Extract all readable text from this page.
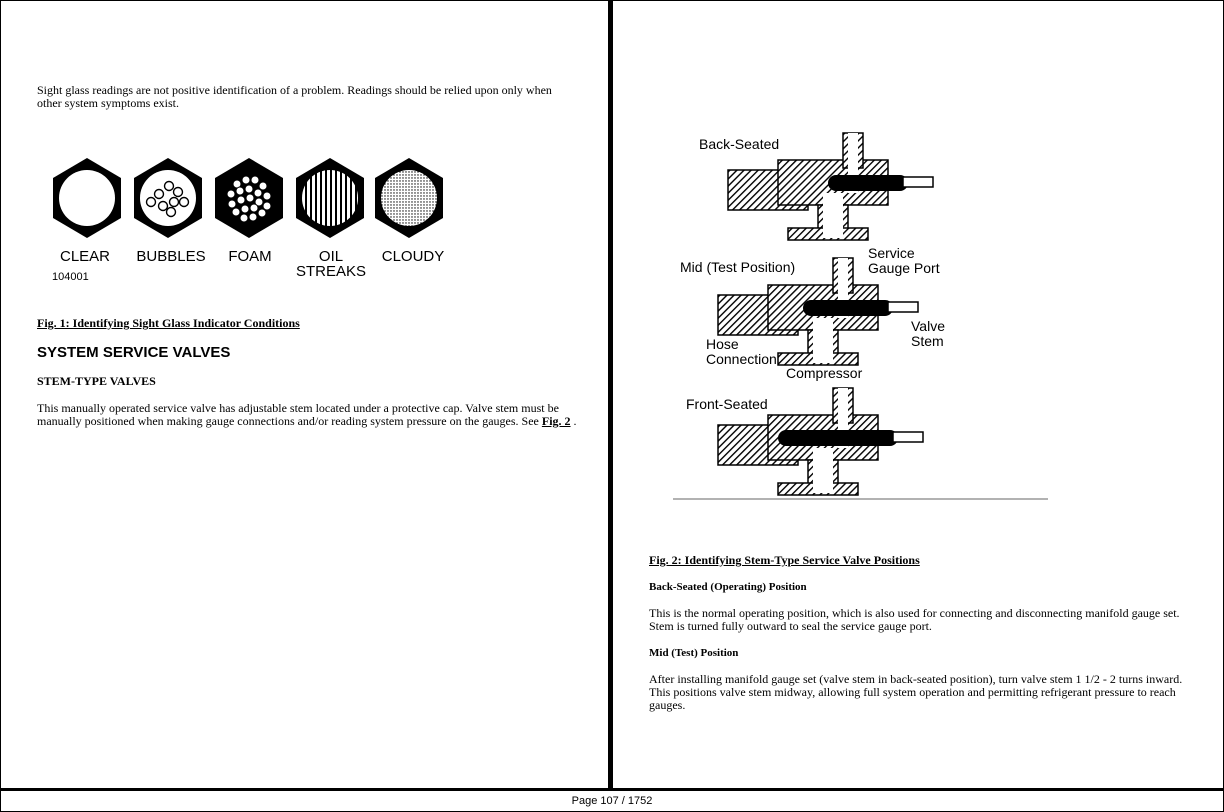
Sight glass readings are not positive identification of a problem. Readings should be relied upon only when other system symptoms exist.

CLEAR BUBBLES FOAM	OIL
STREAKS
CLOUDY
104001

Fig. 1: Identifying Sight Glass Indicator Conditions

SYSTEM SERVICE VALVES

STEM-TYPE VALVES

This manually operated service valve has adjustable stem located under a protective cap. Valve stem must be manually positioned when making gauge connections and/or reading system pressure on the gauges. See Fig. 2 .

Back-Seated
Mid (Test Position)
Service
Gauge Port
Valve
Stem
Hose
Connection
Compressor
Front-Seated

Fig. 2: Identifying Stem-Type Service Valve Positions

Back-Seated (Operating) Position

This is the normal operating position, which is also used for connecting and disconnecting manifold gauge set. Stem is turned fully outward to seal the service gauge port.

Mid (Test) Position

After installing manifold gauge set (valve stem in back-seated position), turn valve stem 1 1/2 - 2 turns inward. This positions valve stem midway, allowing full system operation and permitting refrigerant pressure to reach gauges.

Page 107 / 1752
